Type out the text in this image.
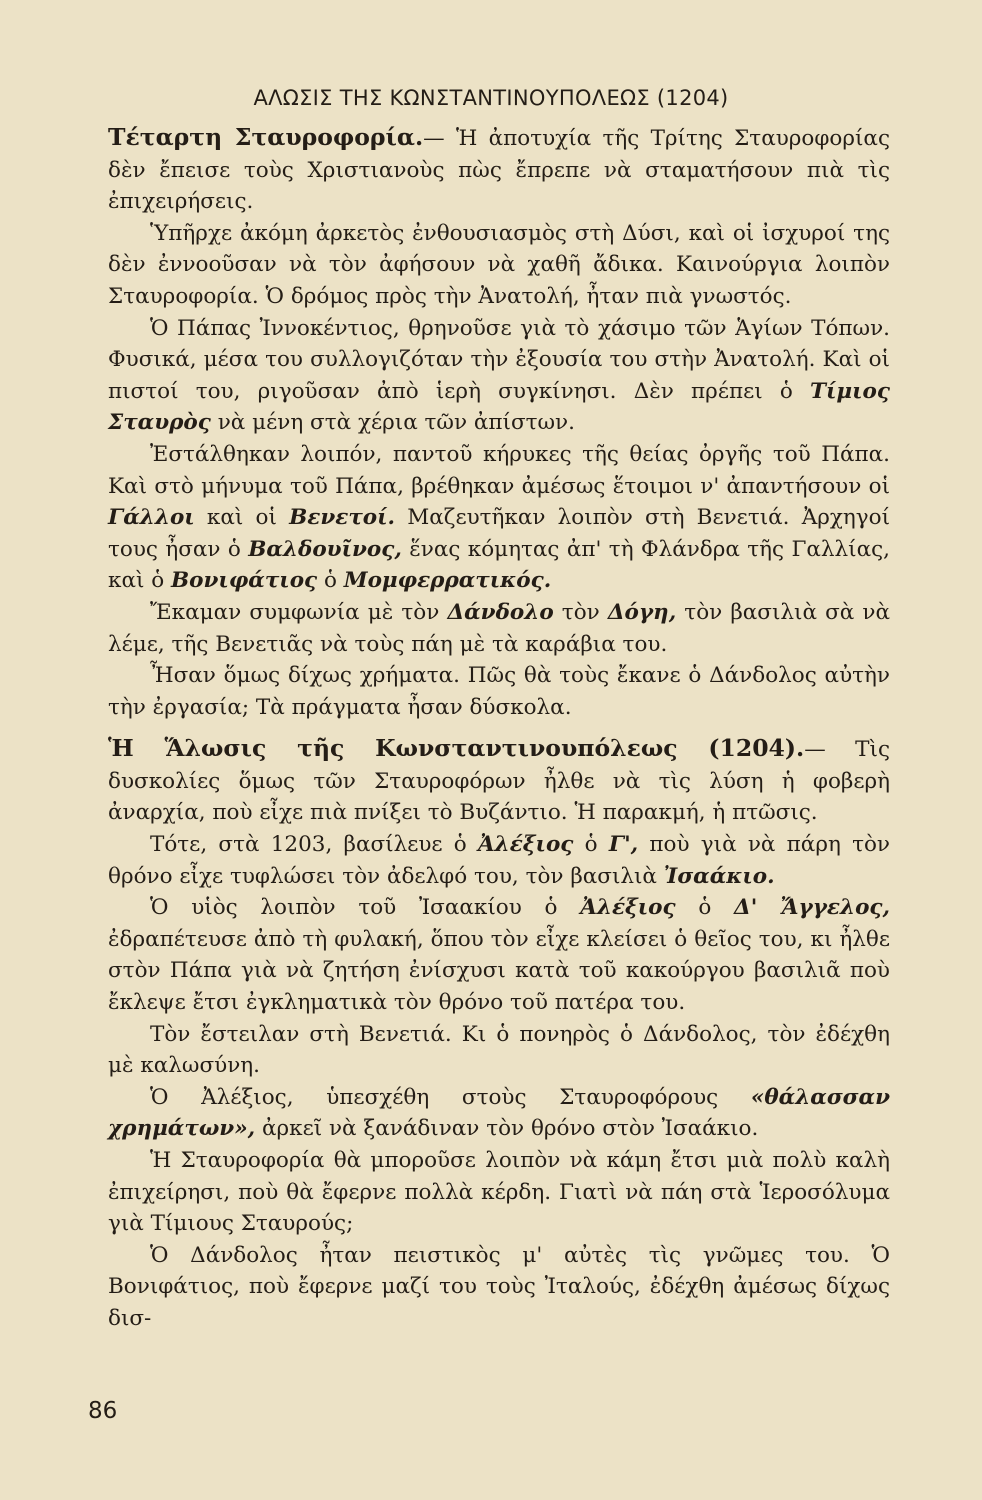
ΑΛΩΣΙΣ ΤΗΣ ΚΩΝΣΤΑΝΤΙΝΟΥΠΟΛΕΩΣ (1204)

Τέταρτη Σταυροφορία.— Ἡ ἀποτυχία τῆς Τρίτης Σταυροφορίας δὲν ἔπεισε τοὺς Χριστιανοὺς πὼς ἔπρεπε νὰ σταματήσουν πιὰ τὶς ἐπιχειρήσεις.

Ὑπῆρχε ἀκόμη ἀρκετὸς ἐνθουσιασμὸς στὴ Δύσι, καὶ οἱ ἰσχυροί της δὲν ἐννοοῦσαν νὰ τὸν ἀφήσουν νὰ χαθῆ ἄδικα. Καινούργια λοιπὸν Σταυροφορία. Ὁ δρόμος πρὸς τὴν Ἀνατολή, ἦταν πιὰ γνωστός.

Ὁ Πάπας Ἰννοκέντιος, θρηνοῦσε γιὰ τὸ χάσιμο τῶν Ἁγίων Τόπων. Φυσικά, μέσα του συλλογιζόταν τὴν ἐξουσία του στὴν Ἀνατολή. Καὶ οἱ πιστοί του, ριγοῦσαν ἀπὸ ἱερὴ συγκίνησι. Δὲν πρέπει ὁ Τίμιος Σταυρὸς νὰ μένη στὰ χέρια τῶν ἀπίστων.

Ἐστάλθηκαν λοιπόν, παντοῦ κήρυκες τῆς θείας ὀργῆς τοῦ Πάπα. Καὶ στὸ μήνυμα τοῦ Πάπα, βρέθηκαν ἀμέσως ἕτοιμοι ν' ἀπαντήσουν οἱ Γάλλοι καὶ οἱ Βενετοί. Μαζευτῆκαν λοιπὸν στὴ Βενετιά. Ἀρχηγοί τους ἦσαν ὁ Βαλδουῖνος, ἕνας κόμητας ἀπ' τὴ Φλάνδρα τῆς Γαλλίας, καὶ ὁ Βονιφάτιος ὁ Μομφερρατικός.

Ἔκαμαν συμφωνία μὲ τὸν Δάνδολο τὸν Δόγη, τὸν βασιλιὰ σὰ νὰ λέμε, τῆς Βενετιᾶς νὰ τοὺς πάη μὲ τὰ καράβια του.

Ἦσαν ὅμως δίχως χρήματα. Πῶς θὰ τοὺς ἔκανε ὁ Δάνδολος αὐτὴν τὴν ἐργασία; Τὰ πράγματα ἦσαν δύσκολα.

Ἡ Ἅλωσις τῆς Κωνσταντινουπόλεως (1204).— Τὶς δυσκολίες ὅμως τῶν Σταυροφόρων ἦλθε νὰ τὶς λύση ἡ φοβερὴ ἀναρχία, ποὺ εἶχε πιὰ πνίξει τὸ Βυζάντιο. Ἡ παρακμή, ἡ πτῶσις.

Τότε, στὰ 1203, βασίλευε ὁ Ἀλέξιος ὁ Γ', ποὺ γιὰ νὰ πάρη τὸν θρόνο εἶχε τυφλώσει τὸν ἀδελφό του, τὸν βασιλιὰ Ἰσαάκιο.

Ὁ υἱὸς λοιπὸν τοῦ Ἰσαακίου ὁ Ἀλέξιος ὁ Δ' Ἄγγελος, ἐδραπέτευσε ἀπὸ τὴ φυλακή, ὅπου τὸν εἶχε κλείσει ὁ θεῖος του, κι ἦλθε στὸν Πάπα γιὰ νὰ ζητήση ἐνίσχυσι κατὰ τοῦ κακούργου βασιλιᾶ ποὺ ἔκλεψε ἔτσι ἐγκληματικὰ τὸν θρόνο τοῦ πατέρα του.

Τὸν ἔστειλαν στὴ Βενετιά. Κι ὁ πονηρὸς ὁ Δάνδολος, τὸν ἐδέχθη μὲ καλωσύνη.

Ὁ Ἀλέξιος, ὑπεσχέθη στοὺς Σταυροφόρους «θάλασσαν χρημάτων», ἀρκεῖ νὰ ξανάδιναν τὸν θρόνο στὸν Ἰσαάκιο.

Ἡ Σταυροφορία θὰ μποροῦσε λοιπὸν νὰ κάμη ἔτσι μιὰ πολὺ καλὴ ἐπιχείρησι, ποὺ θὰ ἔφερνε πολλὰ κέρδη. Γιατὶ νὰ πάη στὰ Ἱεροσόλυμα γιὰ Τίμιους Σταυρούς;

Ὁ Δάνδολος ἦταν πειστικὸς μ' αὐτὲς τὶς γνῶμες του. Ὁ Βονιφάτιος, ποὺ ἔφερνε μαζί του τοὺς Ἰταλούς, ἐδέχθη ἀμέσως δίχως δισ-

86
